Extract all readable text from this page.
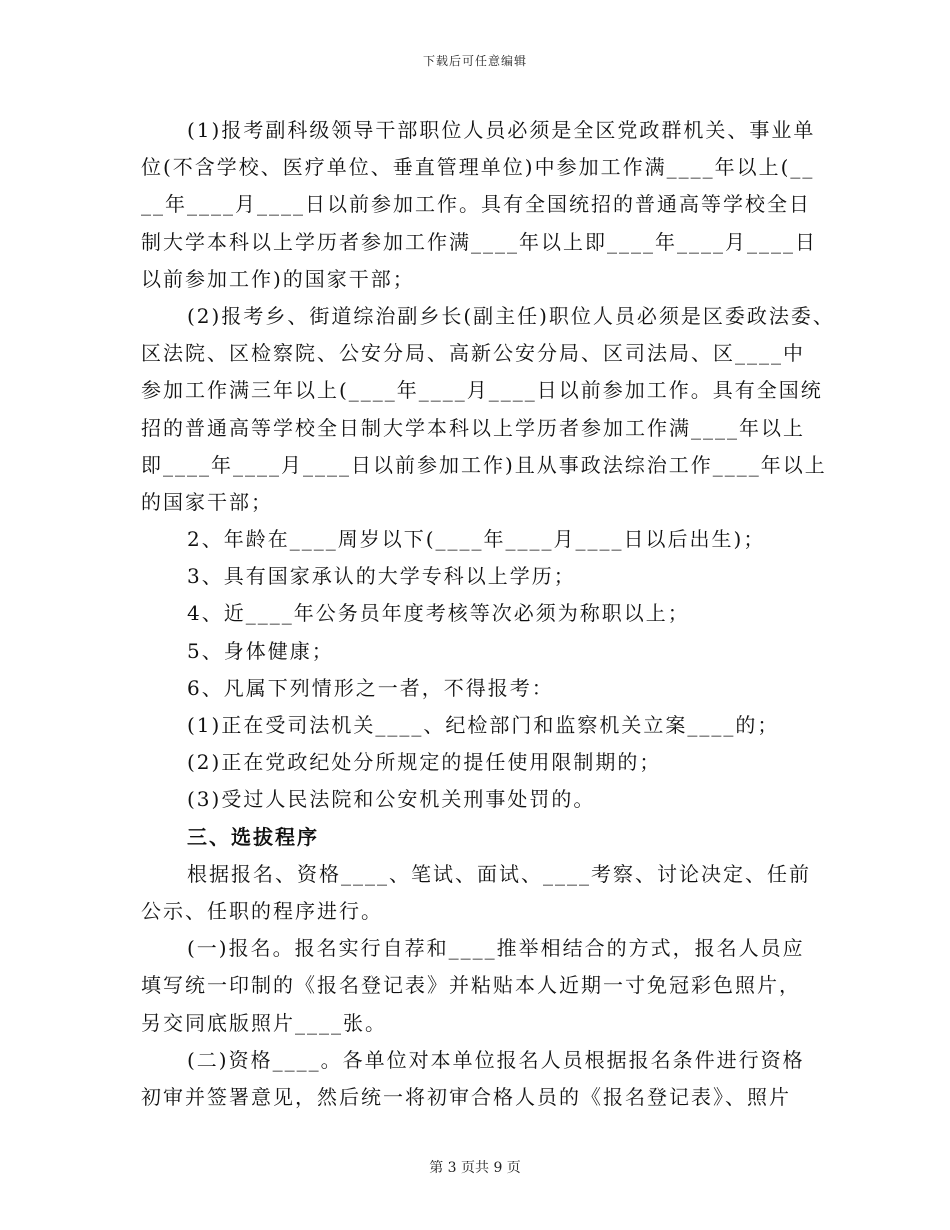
下载后可任意编辑
(1)报考副科级领导干部职位人员必须是全区党政群机关、事业单
位(不含学校、医疗单位、垂直管理单位)中参加工作满____年以上(__
__年____月____日以前参加工作。具有全国统招的普通高等学校全日
制大学本科以上学历者参加工作满____年以上即____年____月____日
以前参加工作)的国家干部；
(2)报考乡、街道综治副乡长(副主任)职位人员必须是区委政法委、
区法院、区检察院、公安分局、高新公安分局、区司法局、区____中
参加工作满三年以上(____年____月____日以前参加工作。具有全国统
招的普通高等学校全日制大学本科以上学历者参加工作满____年以上
即____年____月____日以前参加工作)且从事政法综治工作____年以上
的国家干部；
2、年龄在____周岁以下(____年____月____日以后出生)；
3、具有国家承认的大学专科以上学历；
4、近____年公务员年度考核等次必须为称职以上；
5、身体健康；
6、凡属下列情形之一者，不得报考：
(1)正在受司法机关____、纪检部门和监察机关立案____的；
(2)正在党政纪处分所规定的提任使用限制期的；
(3)受过人民法院和公安机关刑事处罚的。
三、选拔程序
根据报名、资格____、笔试、面试、____考察、讨论决定、任前
公示、任职的程序进行。
(一)报名。报名实行自荐和____推举相结合的方式，报名人员应
填写统一印制的《报名登记表》并粘贴本人近期一寸免冠彩色照片，
另交同底版照片____张。
(二)资格____。各单位对本单位报名人员根据报名条件进行资格
初审并签署意见，然后统一将初审合格人员的《报名登记表》、照片
第 3 页共 9 页
